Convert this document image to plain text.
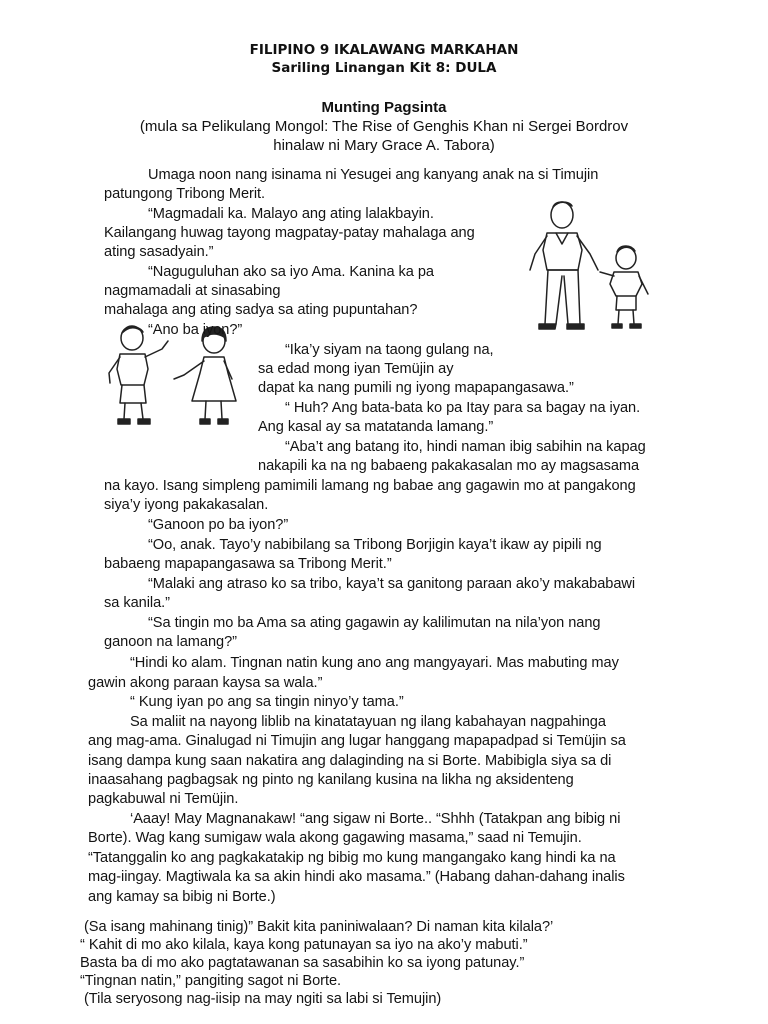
FILIPINO 9 IKALAWANG MARKAHAN
Sariling Linangan Kit 8: DULA
Munting Pagsinta
(mula sa Pelikulang Mongol: The Rise of Genghis Khan ni Sergei Bordrov
hinalaw ni Mary Grace A. Tabora)
Umaga noon nang isinama ni Yesugei ang kanyang anak na si Timujin
patungong Tribong Merit.
“Magmadali ka. Malayo ang ating lalakbayin.
Kailangang huwag tayong magpatay-patay mahalaga ang
ating sasadyain.”
“Naguguluhan ako sa iyo Ama. Kanina ka pa
nagmamadali at sinasabing
mahalaga ang ating sadya sa ating pupuntahan?
“Ano ba iyon?”
“Ika’y siyam na taong gulang na,
sa edad mong iyan Temüjin ay
dapat ka nang pumili ng iyong mapapangasawa.”
“ Huh? Ang bata-bata ko pa Itay para sa bagay na iyan.
Ang kasal ay sa matatanda lamang.”
“Aba’t ang batang ito, hindi naman ibig sabihin na kapag
nakapili ka na ng babaeng pakakasalan mo ay magsasama
na kayo. Isang simpleng pamimili lamang ng babae ang gagawin mo at pangakong
siya’y iyong pakakasalan.
“Ganoon po ba iyon?”
“Oo, anak. Tayo’y nabibilang sa Tribong Borjigin kaya’t ikaw ay pipili ng
babaeng mapapangasawa sa Tribong Merit.”
“Malaki ang atraso ko sa tribo, kaya’t sa ganitong paraan ako’y makababawi
sa kanila.”
“Sa tingin mo ba Ama sa ating gagawin ay kalilimutan na nila’yon nang
ganoon na lamang?”
“Hindi ko alam. Tingnan natin kung ano ang mangyayari. Mas mabuting may
gawin akong paraan kaysa sa wala.”
“ Kung iyan po ang sa tingin ninyo’y tama.”
Sa maliit na nayong liblib na kinatatayuan ng ilang kabahayan nagpahinga
ang mag-ama. Ginalugad ni Timujin ang lugar hanggang mapapadpad si Temüjin sa
isang dampa kung saan nakatira ang dalaginding na si Borte. Mabibigla siya sa di
inaasahang pagbagsak ng pinto ng kanilang kusina na likha ng aksidenteng
pagkabuwal ni Temüjin.
‘Aaay! May Magnanakaw! “ang sigaw ni Borte.. “Shhh (Tatakpan ang bibig ni
Borte). Wag kang sumigaw wala akong gagawing masama,” saad ni Temujin.
“Tatanggalin ko ang pagkakatakip ng bibig mo kung mangangako kang hindi ka na
mag-iingay. Magtiwala ka sa akin hindi ako masama.” (Habang dahan-dahang inalis
ang kamay sa bibig ni Borte.)
(Sa isang mahinang tinig)” Bakit kita paniniwalaan? Di naman kita kilala?’
“ Kahit di mo ako kilala, kaya kong patunayan sa iyo na ako’y mabuti.”
Basta ba di mo ako pagtatawanan sa sasabihin ko sa iyong patunay.”
“Tingnan natin,” pangiting sagot ni Borte.
(Tila seryosong nag-iisip na may ngiti sa labi si Temujin)
